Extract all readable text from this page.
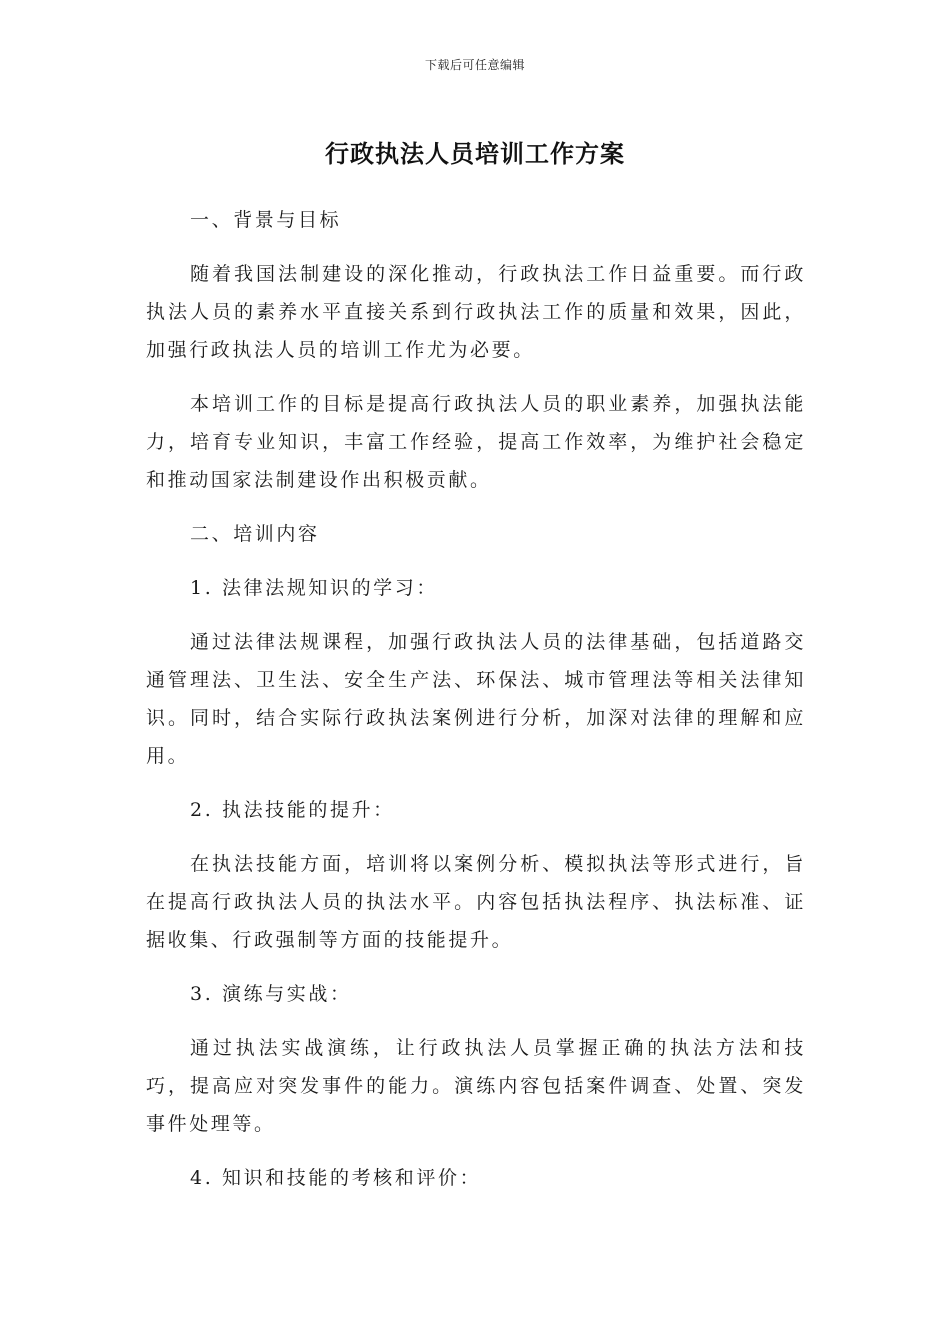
下载后可任意编辑
行政执法人员培训工作方案

一、背景与目标

随着我国法制建设的深化推动，行政执法工作日益重要。而行政执法人员的素养水平直接关系到行政执法工作的质量和效果，因此，加强行政执法人员的培训工作尤为必要。

本培训工作的目标是提高行政执法人员的职业素养，加强执法能力，培育专业知识，丰富工作经验，提高工作效率，为维护社会稳定和推动国家法制建设作出积极贡献。

二、培训内容

1. 法律法规知识的学习：

通过法律法规课程，加强行政执法人员的法律基础，包括道路交通管理法、卫生法、安全生产法、环保法、城市管理法等相关法律知识。同时，结合实际行政执法案例进行分析，加深对法律的理解和应用。

2. 执法技能的提升：

在执法技能方面，培训将以案例分析、模拟执法等形式进行，旨在提高行政执法人员的执法水平。内容包括执法程序、执法标准、证据收集、行政强制等方面的技能提升。

3. 演练与实战：

通过执法实战演练，让行政执法人员掌握正确的执法方法和技巧，提高应对突发事件的能力。演练内容包括案件调查、处置、突发事件处理等。

4. 知识和技能的考核和评价：
